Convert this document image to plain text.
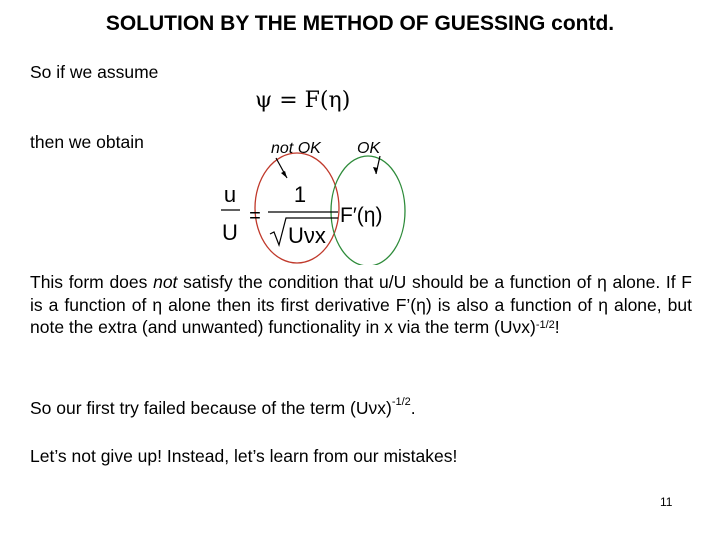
SOLUTION BY THE METHOD OF GUESSING contd.
So if we assume
ψ = F(η)
then we obtain	not OK OK
u
U
=
1
Uνx
F′(η)
This form does not satisfy the condition that u/U should be a function of η alone. If F is a function of η alone then its first derivative F’(η) is also a function of η alone, but note the extra (and unwanted) functionality in x via the term $(U\nu x)^{-1/2}$!
So our first try failed because of the term $(U\nu x)^{-1/2}$.
Let’s not give up! Instead, let’s learn from our mistakes!
11
